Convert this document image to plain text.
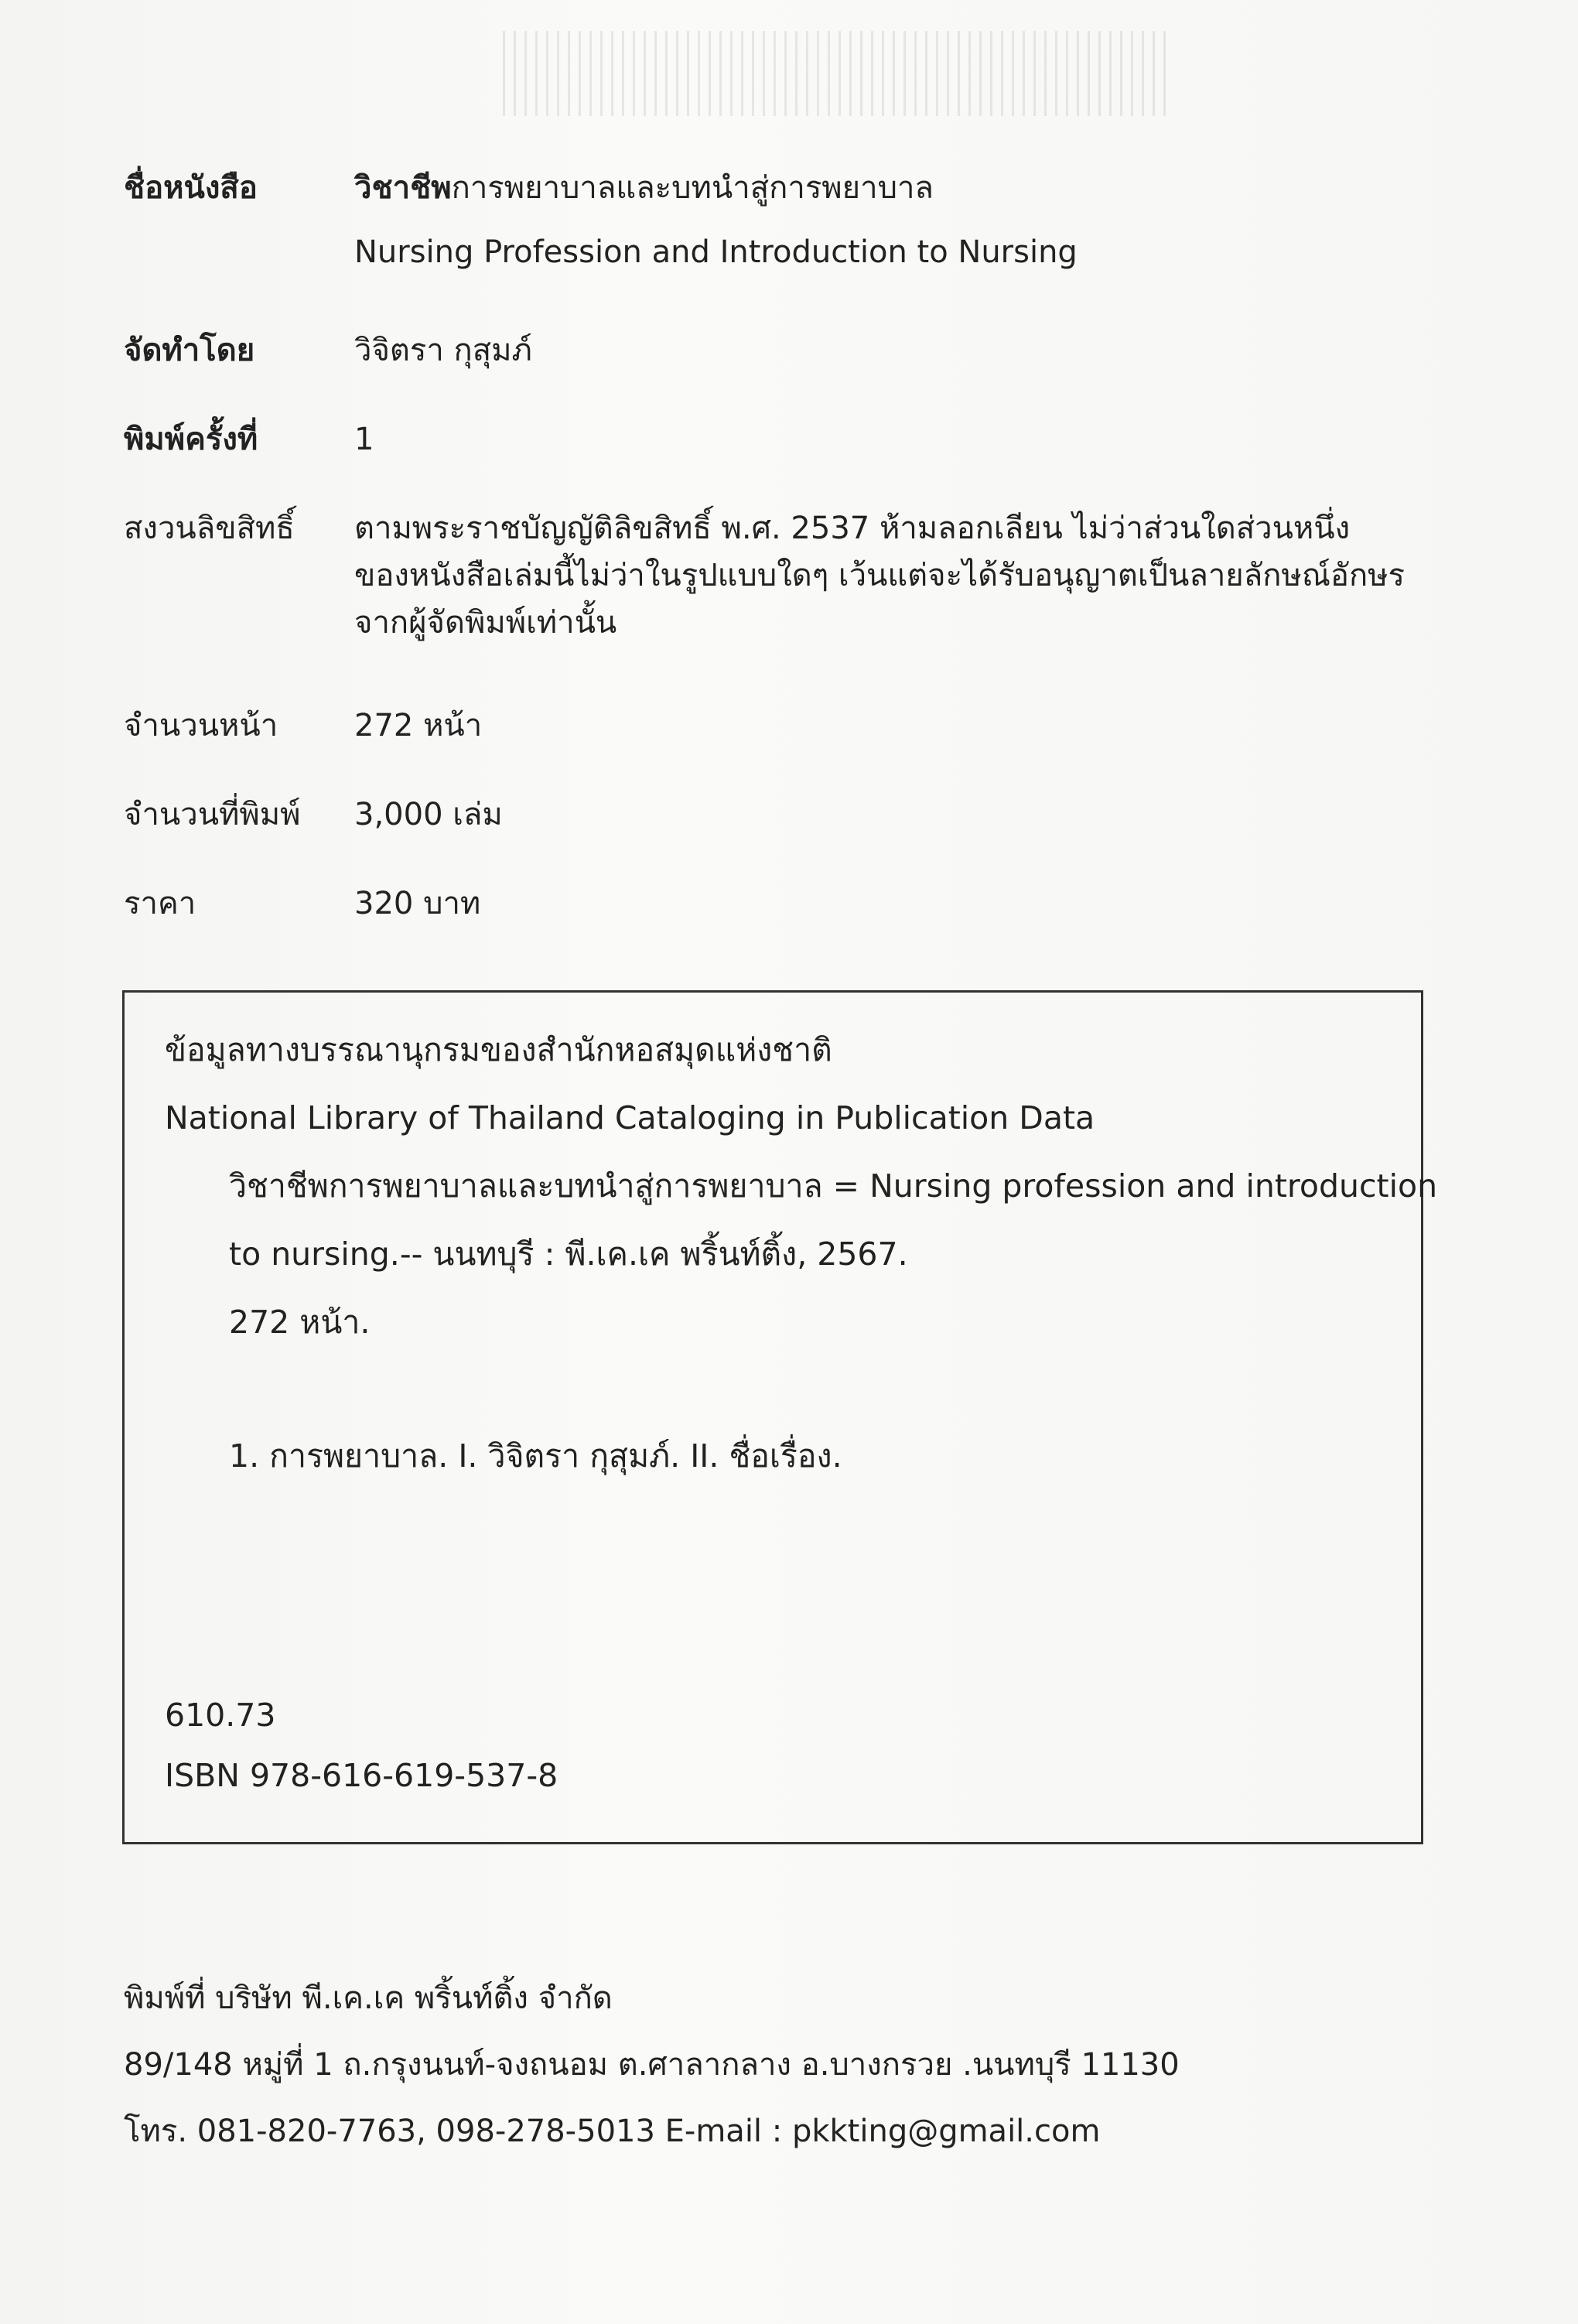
ชื่อหนังสือ	วิชาชีพการพยาบาลและบทนำสู่การพยาบาล

Nursing Profession and Introduction to Nursing

จัดทำโดย	วิจิตรา กุสุมภ์
พิมพ์ครั้งที่	1
สงวนลิขสิทธิ์	ตามพระราชบัญญัติลิขสิทธิ์ พ.ศ. 2537 ห้ามลอกเลียน ไม่ว่าส่วนใดส่วนหนึ่ง

ของหนังสือเล่มนี้ไม่ว่าในรูปแบบใดๆ เว้นแต่จะได้รับอนุญาตเป็นลายลักษณ์อักษร

จากผู้จัดพิมพ์เท่านั้น

จำนวนหน้า	272 หน้า
จำนวนที่พิมพ์	3,000 เล่ม
ราคา	320 บาท

ข้อมูลทางบรรณานุกรมของสำนักหอสมุดแห่งชาติ

National Library of Thailand Cataloging in Publication Data

วิชาชีพการพยาบาลและบทนำสู่การพยาบาล = Nursing profession and introduction

to nursing.-- นนทบุรี : พี.เค.เค พริ้นท์ติ้ง, 2567.

272 หน้า.

1. การพยาบาล. I. วิจิตรา กุสุมภ์. II. ชื่อเรื่อง.

610.73

ISBN 978-616-619-537-8

พิมพ์ที่ บริษัท พี.เค.เค พริ้นท์ติ้ง จำกัด

89/148 หมู่ที่ 1 ถ.กรุงนนท์-จงถนอม ต.ศาลากลาง อ.บางกรวย .นนทบุรี 11130

โทร. 081-820-7763, 098-278-5013 E-mail : pkkting@gmail.com
